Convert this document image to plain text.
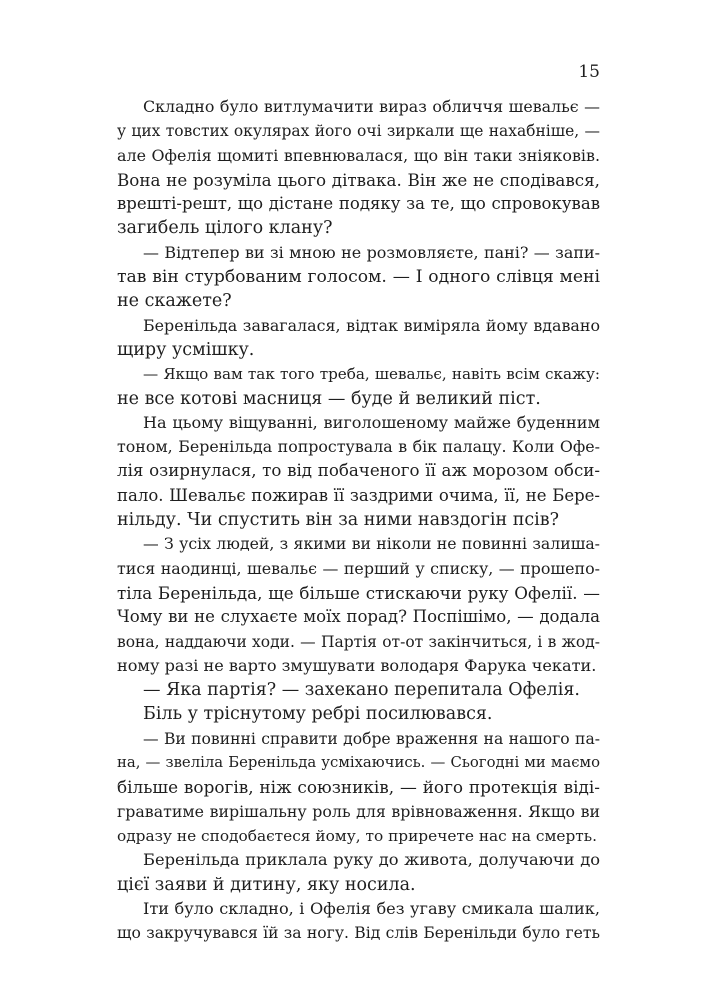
15
Складно було витлумачити вираз обличчя шевальє —
у цих товстих окулярах його очі зиркали ще нахабніше, —
але Офелія щомиті впевнювалася, що він таки зніяковів.
Вона не розуміла цього дітвака. Він же не сподівався,
врешті-решт, що дістане подяку за те, що спровокував
загибель цілого клану?
— Відтепер ви зі мною не розмовляєте, пані? — запи-
тав він стурбованим голосом. — І одного слівця мені
не скажете?
Беренільда завагалася, відтак виміряла йому вдавано
щиру усмішку.
— Якщо вам так того треба, шевальє, навіть всім скажу:
не все котові масниця — буде й великий піст.
На цьому віщуванні, виголошеному майже буденним
тоном, Беренільда попростувала в бік палацу. Коли Офе-
лія озирнулася, то від побаченого її аж морозом обси-
пало. Шевальє пожирав її заздрими очима, її, не Бере-
нільду. Чи спустить він за ними навздогін псів?
— З усіх людей, з якими ви ніколи не повинні залиша-
тися наодинці, шевальє — перший у списку, — прошепо-
тіла Беренільда, ще більше стискаючи руку Офелії. —
Чому ви не слухаєте моїх порад? Поспішімо, — додала
вона, наддаючи ходи. — Партія от-от закінчиться, і в жод-
ному разі не варто змушувати володаря Фарука чекати.
— Яка партія? — захекано перепитала Офелія.
Біль у тріснутому ребрі посилювався.
— Ви повинні справити добре враження на нашого па-
на, — звеліла Беренільда усміхаючись. — Сьогодні ми маємо
більше ворогів, ніж союзників, — його протекція віді-
граватиме вирішальну роль для врівноваження. Якщо ви
одразу не сподобаєтеся йому, то приречете нас на смерть.
Беренільда приклала руку до живота, долучаючи до
цієї заяви й дитину, яку носила.
Іти було складно, і Офелія без угаву смикала шалик,
що закручувався їй за ногу. Від слів Беренільди було геть
